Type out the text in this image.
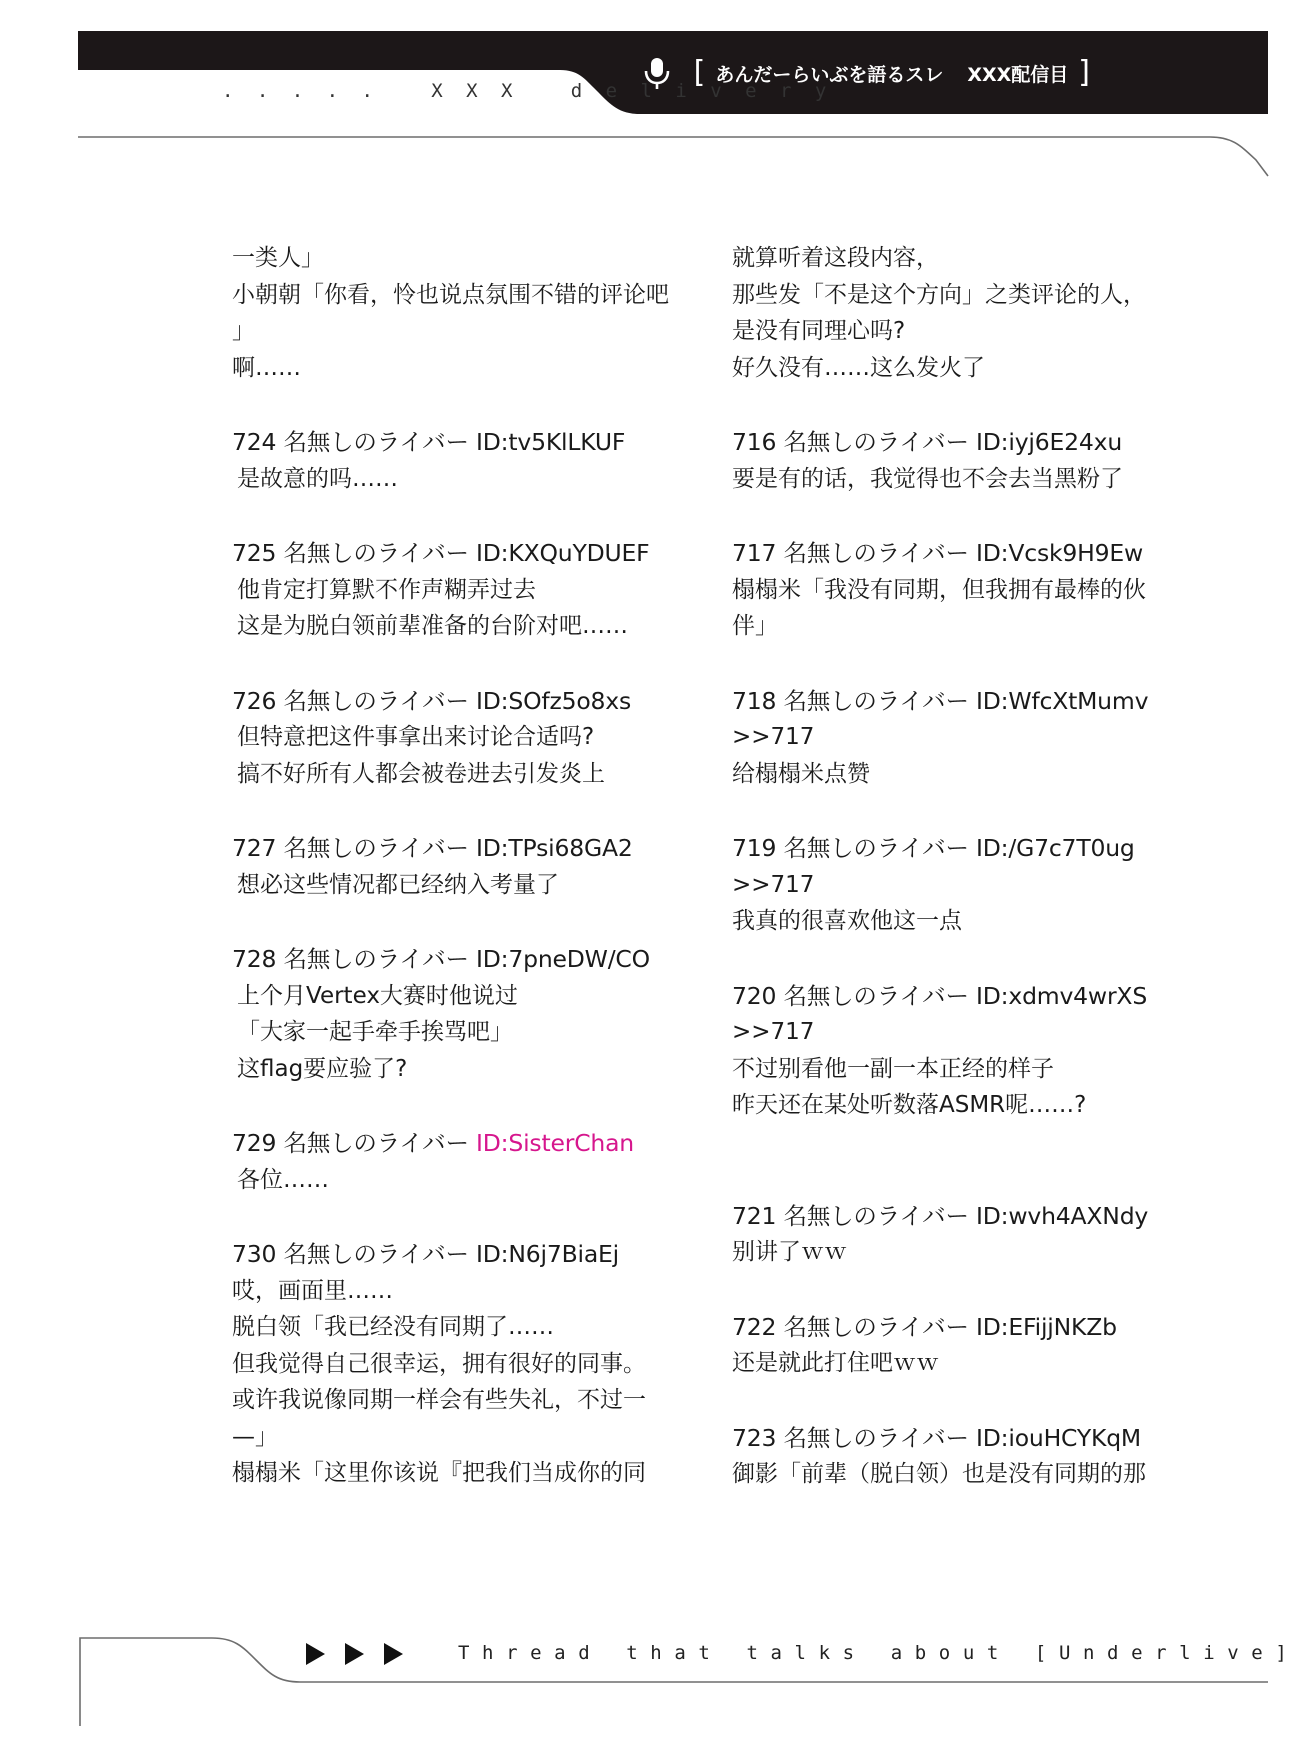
. . . . .   X X X   d e l i v e r y
[ あんだーらいぶを語るスレ XXX配信目 ]
一类人」
小朝朝「你看，怜也说点氛围不错的评论吧
」
啊……
724 名無しのライバー ID:tv5KlLKUF
是故意的吗……
725 名無しのライバー ID:KXQuYDUEF
他肯定打算默不作声糊弄过去
这是为脱白领前辈准备的台阶对吧……
726 名無しのライバー ID:SOfz5o8xs
但特意把这件事拿出来讨论合适吗?
搞不好所有人都会被卷进去引发炎上
727 名無しのライバー ID:TPsi68GA2
想必这些情况都已经纳入考量了
728 名無しのライバー ID:7pneDW/CO
上个月Vertex大赛时他说过
「大家一起手牵手挨骂吧」
这flag要应验了?
729 名無しのライバー ID:SisterChan
各位……
730 名無しのライバー ID:N6j7BiaEj
哎，画面里……
脱白领「我已经没有同期了……
但我觉得自己很幸运，拥有很好的同事。
或许我说像同期一样会有些失礼，不过一
—」
榻榻米「这里你该说『把我们当成你的同
就算听着这段内容，
那些发「不是这个方向」之类评论的人，
是没有同理心吗?
好久没有……这么发火了
716 名無しのライバー ID:iyj6E24xu
要是有的话，我觉得也不会去当黑粉了
717 名無しのライバー ID:Vcsk9H9Ew
榻榻米「我没有同期，但我拥有最棒的伙
伴」
718 名無しのライバー ID:WfcXtMumv
>>717
给榻榻米点赞
719 名無しのライバー ID:/G7c7T0ug
>>717
我真的很喜欢他这一点
720 名無しのライバー ID:xdmv4wrXS
>>717
不过别看他一副一本正经的样子
昨天还在某处听数落ASMR呢……?
721 名無しのライバー ID:wvh4AXNdy
别讲了ｗｗ
722 名無しのライバー ID:EFijjNKZb
还是就此打住吧ｗｗ
723 名無しのライバー ID:iouHCYKqM
御影「前辈（脱白领）也是没有同期的那
Thread that talks about [Underlive]
